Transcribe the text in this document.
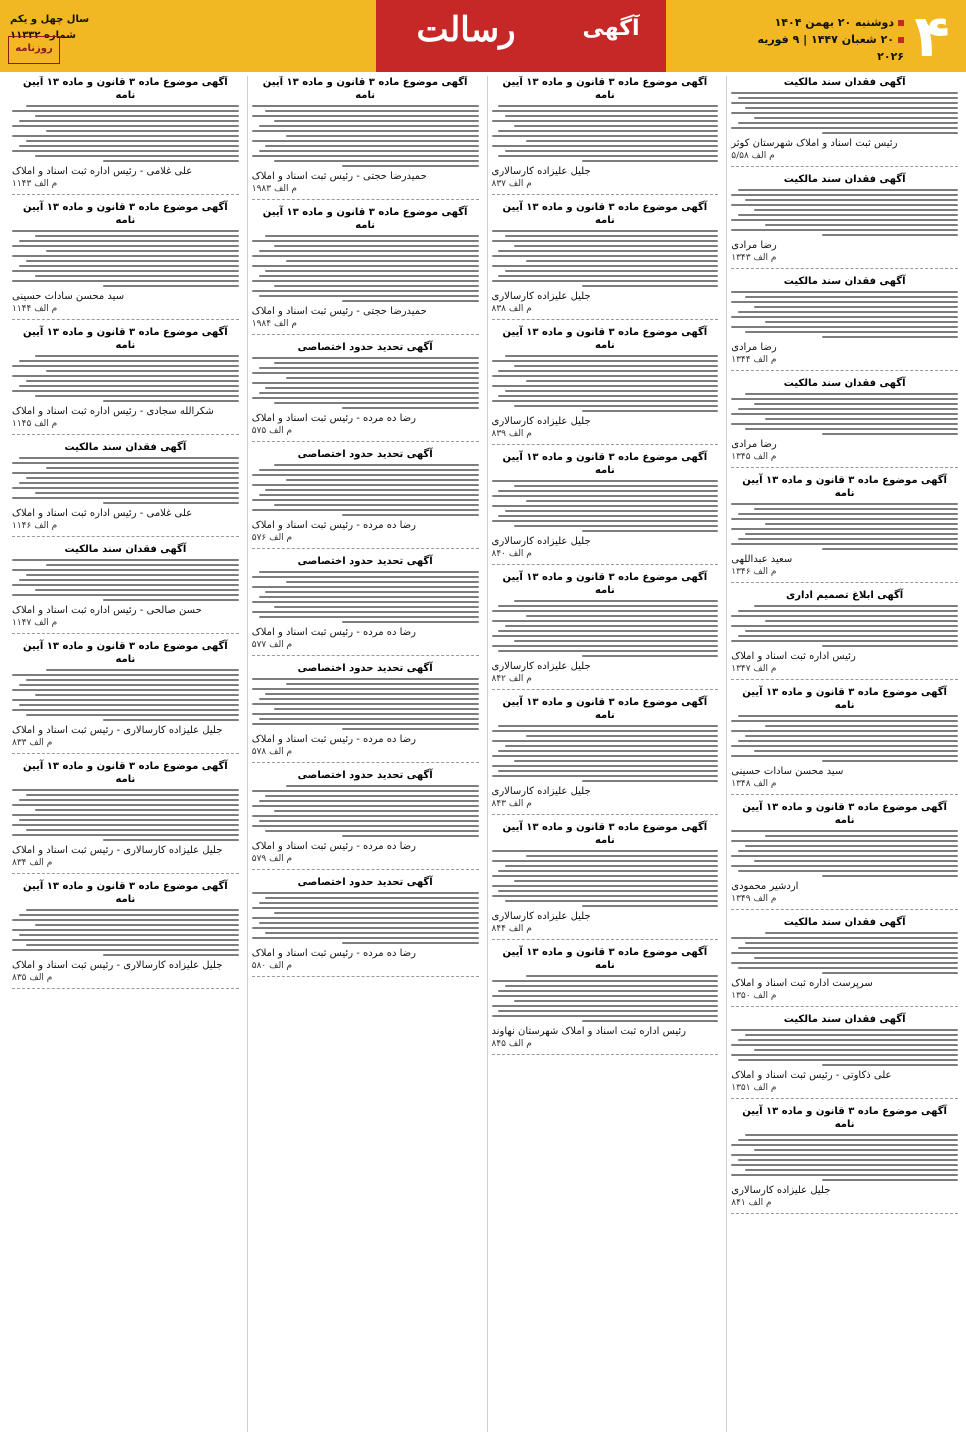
۴
دوشنبه ۲۰ بهمن ۱۴۰۴
۲۰ شعبان ۱۴۴۷ | ۹ فوریه ۲۰۲۶
آگهی
رسالت
سال چهل و یکم
شماره ۱۱۳۳۲
روزنامه
آگهی فقدان سند مالکیت
رئیس ثبت اسناد و املاک شهرستان کوثر
م الف ۵/۵۸
آگهی فقدان سند مالکیت
رضا مرادی
م الف ۱۳۴۳
آگهی فقدان سند مالکیت
رضا مرادی
م الف ۱۳۴۴
آگهی فقدان سند مالکیت
رضا مرادی
م الف ۱۳۴۵
آگهی موضوع ماده ۳ قانون و ماده ۱۳ آیین نامه
سعید عبداللهی
م الف ۱۳۴۶
آگهی ابلاغ تصمیم اداری
رئیس اداره ثبت اسناد و املاک
م الف ۱۳۴۷
آگهی موضوع ماده ۳ قانون و ماده ۱۳ آیین نامه
سید محسن سادات حسینی
م الف ۱۳۴۸
آگهی موضوع ماده ۳ قانون و ماده ۱۳ آیین نامه
اردشیر محمودی
م الف ۱۳۴۹
آگهی فقدان سند مالکیت
سرپرست اداره ثبت اسناد و املاک
م الف ۱۳۵۰
آگهی فقدان سند مالکیت
علی ذکاوتی - رئیس ثبت اسناد و املاک
م الف ۱۳۵۱
آگهی موضوع ماده ۳ قانون و ماده ۱۳ آیین نامه
جلیل علیزاده کارسالاری
م الف ۸۴۱
آگهی موضوع ماده ۳ قانون و ماده ۱۳ آیین نامه
جلیل علیزاده کارسالاری
م الف ۸۳۷
آگهی موضوع ماده ۳ قانون و ماده ۱۳ آیین نامه
جلیل علیزاده کارسالاری
م الف ۸۳۸
آگهی موضوع ماده ۳ قانون و ماده ۱۳ آیین نامه
جلیل علیزاده کارسالاری
م الف ۸۳۹
آگهی موضوع ماده ۳ قانون و ماده ۱۳ آیین نامه
جلیل علیزاده کارسالاری
م الف ۸۴۰
آگهی موضوع ماده ۳ قانون و ماده ۱۳ آیین نامه
جلیل علیزاده کارسالاری
م الف ۸۴۲
آگهی موضوع ماده ۳ قانون و ماده ۱۳ آیین نامه
جلیل علیزاده کارسالاری
م الف ۸۴۳
آگهی موضوع ماده ۳ قانون و ماده ۱۳ آیین نامه
جلیل علیزاده کارسالاری
م الف ۸۴۴
آگهی موضوع ماده ۳ قانون و ماده ۱۳ آیین نامه
رئیس اداره ثبت اسناد و املاک شهرستان نهاوند
م الف ۸۴۵
آگهی موضوع ماده ۳ قانون و ماده ۱۳ آیین نامه
حمیدرضا حجتی - رئیس ثبت اسناد و املاک
م الف ۱۹۸۳
آگهی موضوع ماده ۳ قانون و ماده ۱۳ آیین نامه
حمیدرضا حجتی - رئیس ثبت اسناد و املاک
م الف ۱۹۸۴
آگهی تحدید حدود اختصاصی
رضا ده مرده - رئیس ثبت اسناد و املاک
م الف ۵۷۵
آگهی تحدید حدود اختصاصی
رضا ده مرده - رئیس ثبت اسناد و املاک
م الف ۵۷۶
آگهی تحدید حدود اختصاصی
رضا ده مرده - رئیس ثبت اسناد و املاک
م الف ۵۷۷
آگهی تحدید حدود اختصاصی
رضا ده مرده - رئیس ثبت اسناد و املاک
م الف ۵۷۸
آگهی تحدید حدود اختصاصی
رضا ده مرده - رئیس ثبت اسناد و املاک
م الف ۵۷۹
آگهی تحدید حدود اختصاصی
رضا ده مرده - رئیس ثبت اسناد و املاک
م الف ۵۸۰
آگهی موضوع ماده ۳ قانون و ماده ۱۳ آیین نامه
علی غلامی - رئیس اداره ثبت اسناد و املاک
م الف ۱۱۴۳
آگهی موضوع ماده ۳ قانون و ماده ۱۳ آیین نامه
سید محسن سادات حسینی
م الف ۱۱۴۴
آگهی موضوع ماده ۳ قانون و ماده ۱۳ آیین نامه
شکرالله سجادی - رئیس اداره ثبت اسناد و املاک
م الف ۱۱۴۵
آگهی فقدان سند مالکیت
علی غلامی - رئیس اداره ثبت اسناد و املاک
م الف ۱۱۴۶
آگهی فقدان سند مالکیت
حسن صالحی - رئیس اداره ثبت اسناد و املاک
م الف ۱۱۴۷
آگهی موضوع ماده ۳ قانون و ماده ۱۳ آیین نامه
جلیل علیزاده کارسالاری - رئیس ثبت اسناد و املاک
م الف ۸۳۳
آگهی موضوع ماده ۳ قانون و ماده ۱۳ آیین نامه
جلیل علیزاده کارسالاری - رئیس ثبت اسناد و املاک
م الف ۸۳۴
آگهی موضوع ماده ۳ قانون و ماده ۱۳ آیین نامه
جلیل علیزاده کارسالاری - رئیس ثبت اسناد و املاک
م الف ۸۳۵
